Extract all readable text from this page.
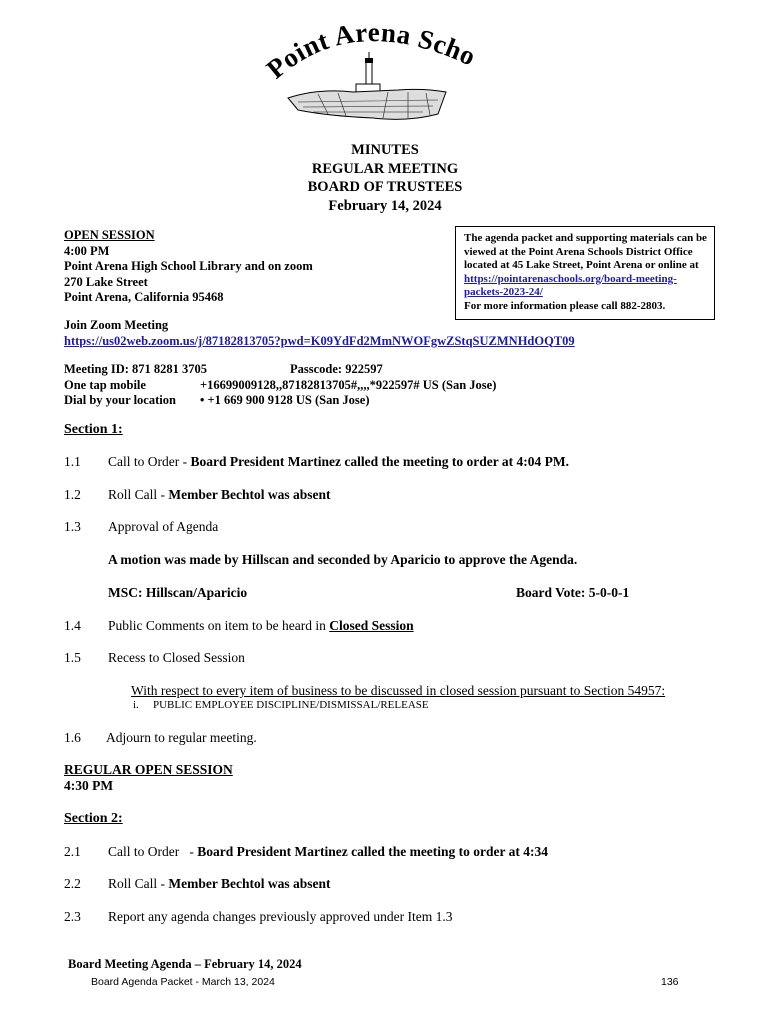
Point Arena Scho
MINUTES
REGULAR MEETING
BOARD OF TRUSTEES
February 14, 2024
OPEN SESSION
4:00 PM
Point Arena High School Library and on zoom
270 Lake Street
Point Arena, California 95468
The agenda packet and supporting materials can be viewed at the Point Arena Schools District Office located at 45 Lake Street, Point Arena or online at https://pointarenaschools.org/board-meeting-packets-2023-24/
For more information please call 882-2803.
Join Zoom Meeting
https://us02web.zoom.us/j/87182813705?pwd=K09YdFd2MmNWOFgwZStqSUZMNHdOQT09
Meeting ID: 871 8281 3705	Passcode: 922597
One tap mobile	+16699009128,,87182813705#,,,,*922597# US (San Jose)
Dial by your location • +1 669 900 9128 US (San Jose)
Section 1:
1.1 Call to Order - Board President Martinez called the meeting to order at 4:04 PM.
1.2 Roll Call - Member Bechtol was absent
1.3 Approval of Agenda
A motion was made by Hillscan and seconded by Aparicio to approve the Agenda.
MSC: Hillscan/Aparicio	Board Vote: 5-0-0-1
1.4 Public Comments on item to be heard in Closed Session
1.5 Recess to Closed Session
With respect to every item of business to be discussed in closed session pursuant to Section 54957:
i. PUBLIC EMPLOYEE DISCIPLINE/DISMISSAL/RELEASE
1.6 Adjourn to regular meeting.
REGULAR OPEN SESSION
4:30 PM
Section 2:
2.1 Call to Order   - Board President Martinez called the meeting to order at 4:34
2.2 Roll Call - Member Bechtol was absent
2.3 Report any agenda changes previously approved under Item 1.3
Board Meeting Agenda – February 14, 2024
Board Agenda Packet - March 13, 2024	136
